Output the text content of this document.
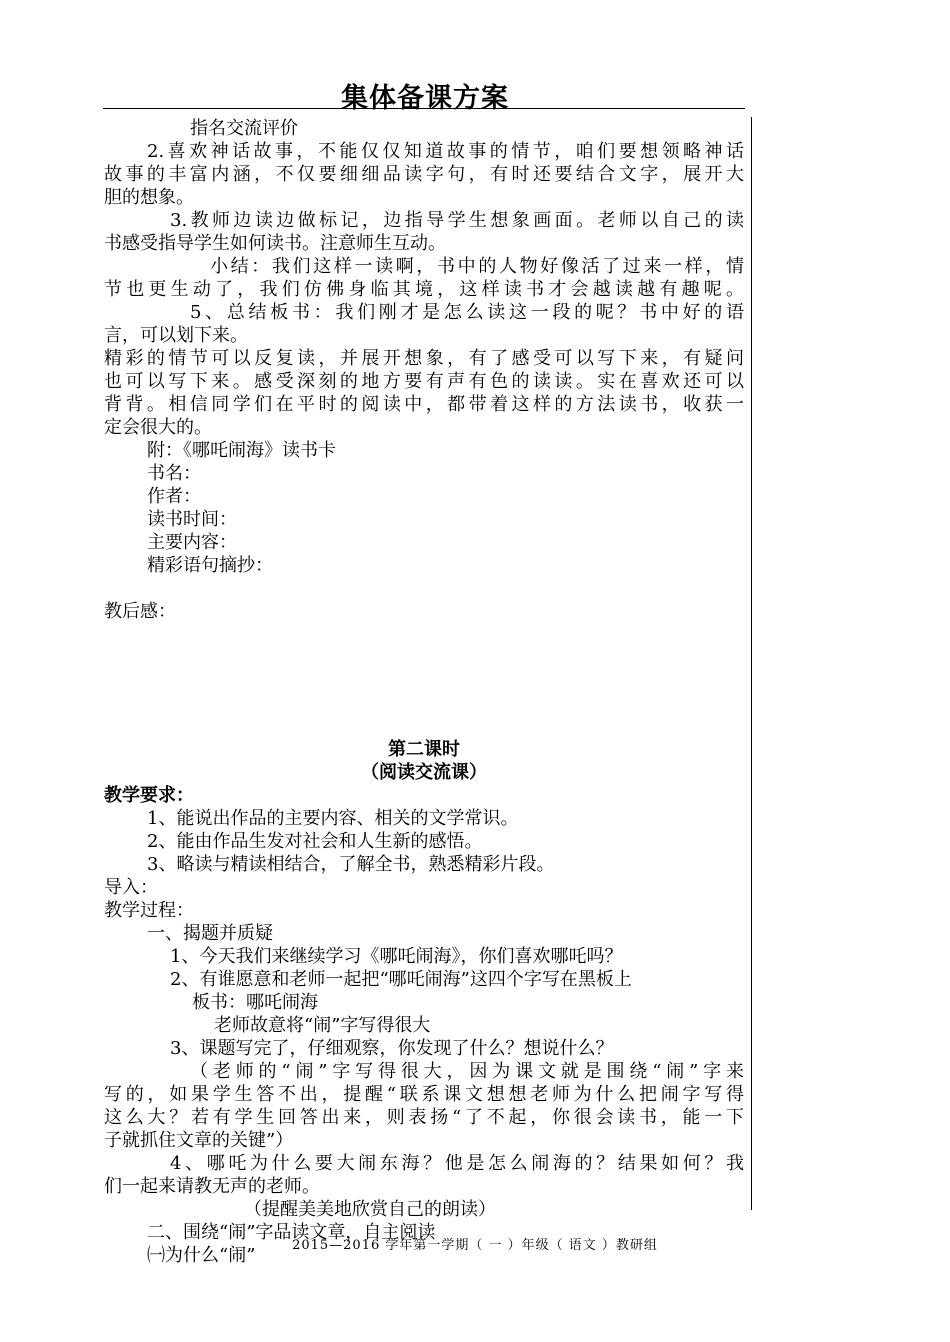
集体备课方案
指名交流评价
2.喜欢神话故事，不能仅仅知道故事的情节，咱们要想领略神话
故事的丰富内涵，不仅要细细品读字句，有时还要结合文字，展开大
胆的想象。
3.教师边读边做标记，边指导学生想象画面。老师以自己的读
书感受指导学生如何读书。注意师生互动。
小结：我们这样一读啊，书中的人物好像活了过来一样，情
节也更生动了，我们仿佛身临其境，这样读书才会越读越有趣呢。
5、总结板书：我们刚才是怎么读这一段的呢？书中好的语
言，可以划下来。
精彩的情节可以反复读，并展开想象，有了感受可以写下来，有疑问
也可以写下来。感受深刻的地方要有声有色的读读。实在喜欢还可以
背背。相信同学们在平时的阅读中，都带着这样的方法读书，收获一
定会很大的。
附：《哪吒闹海》读书卡
书名：
作者：
读书时间：
主要内容：
精彩语句摘抄：
教后感：
第二课时
（阅读交流课）
教学要求：
1、能说出作品的主要内容、相关的文学常识。
2、能由作品生发对社会和人生新的感悟。
3、略读与精读相结合，了解全书，熟悉精彩片段。
导入：
教学过程：
一、揭题并质疑
1、今天我们来继续学习《哪吒闹海》，你们喜欢哪吒吗？
2、有谁愿意和老师一起把“哪吒闹海”这四个字写在黑板上
板书：哪吒闹海
老师故意将“闹”字写得很大
3、课题写完了，仔细观察，你发现了什么？想说什么？
（老师的“闹”字写得很大，因为课文就是围绕“闹”字来
写的，如果学生答不出，提醒“联系课文想想老师为什么把闹字写得
这么大？若有学生回答出来，则表扬“了不起，你很会读书，能一下
子就抓住文章的关键”）
4、哪吒为什么要大闹东海？他是怎么闹海的？结果如何？我
们一起来请教无声的老师。
（提醒美美地欣赏自己的朗读）
二、围绕“闹”字品读文章，自主阅读
㈠为什么“闹”	2015—2016 学年第一学期（ 一 ）年级（ 语文 ）教研组
